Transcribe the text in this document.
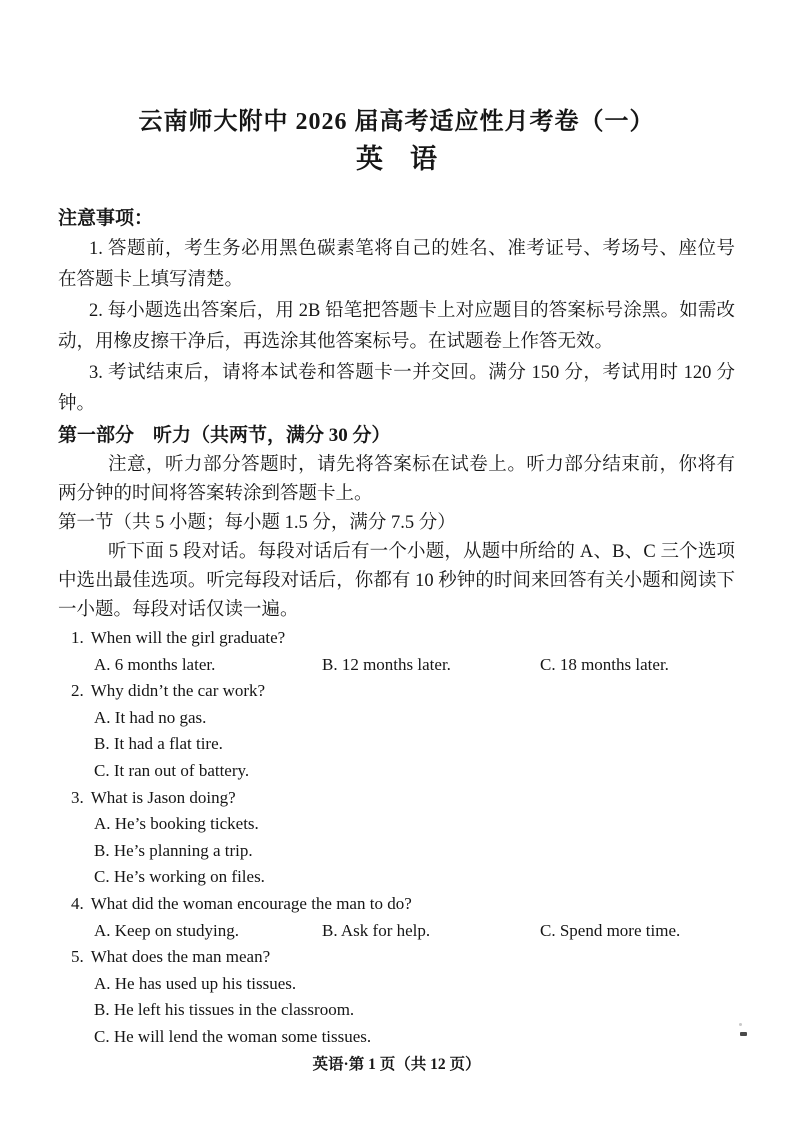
云南师大附中 2026 届高考适应性月考卷（一）
英　语
注意事项：

1. 答题前，考生务必用黑色碳素笔将自己的姓名、准考证号、考场号、座位号在答题卡上填写清楚。

2. 每小题选出答案后，用 2B 铅笔把答题卡上对应题目的答案标号涂黑。如需改动，用橡皮擦干净后，再选涂其他答案标号。在试题卷上作答无效。

3. 考试结束后，请将本试卷和答题卡一并交回。满分 150 分，考试用时 120 分钟。

第一部分　听力（共两节，满分 30 分）

注意，听力部分答题时，请先将答案标在试卷上。听力部分结束前，你将有两分钟的时间将答案转涂到答题卡上。

第一节（共 5 小题；每小题 1.5 分，满分 7.5 分）

听下面 5 段对话。每段对话后有一个小题，从题中所给的 A、B、C 三个选项中选出最佳选项。听完每段对话后，你都有 10 秒钟的时间来回答有关小题和阅读下一小题。每段对话仅读一遍。

1. When will the girl graduate?
A. 6 months later.	B. 12 months later.	C. 18 months later.
2. Why didn’t the car work?
A. It had no gas.
B. It had a flat tire.
C. It ran out of battery.
3. What is Jason doing?
A. He’s booking tickets.
B. He’s planning a trip.
C. He’s working on files.
4. What did the woman encourage the man to do?
A. Keep on studying.	B. Ask for help.	C. Spend more time.
5. What does the man mean?
A. He has used up his tissues.
B. He left his tissues in the classroom.
C. He will lend the woman some tissues.
英语·第 1 页（共 12 页）
